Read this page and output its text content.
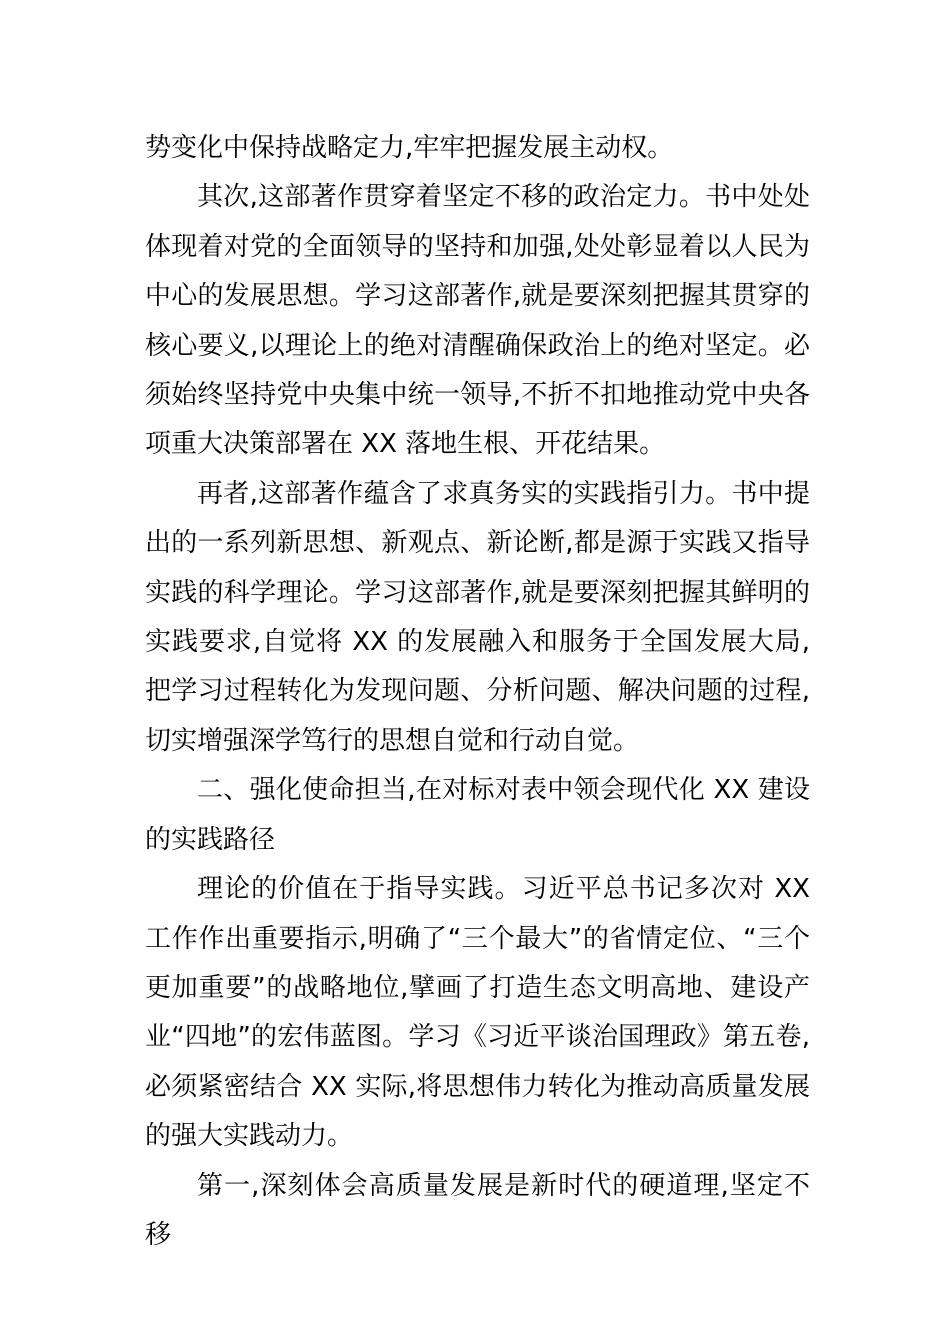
势变化中保持战略定力,牢牢把握发展主动权。

其次,这部著作贯穿着坚定不移的政治定力。书中处处体现着对党的全面领导的坚持和加强,处处彰显着以人民为中心的发展思想。学习这部著作,就是要深刻把握其贯穿的核心要义,以理论上的绝对清醒确保政治上的绝对坚定。必须始终坚持党中央集中统一领导,不折不扣地推动党中央各项重大决策部署在 XX 落地生根、开花结果。

再者,这部著作蕴含了求真务实的实践指引力。书中提出的一系列新思想、新观点、新论断,都是源于实践又指导实践的科学理论。学习这部著作,就是要深刻把握其鲜明的实践要求,自觉将 XX 的发展融入和服务于全国发展大局,把学习过程转化为发现问题、分析问题、解决问题的过程,切实增强深学笃行的思想自觉和行动自觉。

二、强化使命担当,在对标对表中领会现代化 XX 建设的实践路径

理论的价值在于指导实践。习近平总书记多次对 XX 工作作出重要指示,明确了“三个最大”的省情定位、“三个更加重要”的战略地位,擘画了打造生态文明高地、建设产业“四地”的宏伟蓝图。学习《习近平谈治国理政》第五卷,必须紧密结合 XX 实际,将思想伟力转化为推动高质量发展的强大实践动力。

第一,深刻体会高质量发展是新时代的硬道理,坚定不移
